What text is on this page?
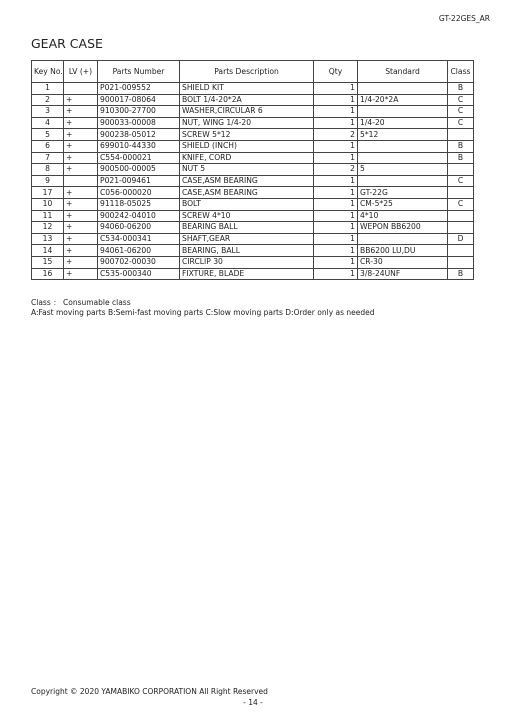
GT-22GES_AR
GEAR CASE
Key No.	LV (+)	Parts Number	Parts Description	Qty	Standard	Class
1		P021-009552	SHIELD KIT	1		B
2	+	900017-08064	BOLT 1/4-20*2A	1	1/4-20*2A	C
3	+	910300-27700	WASHER,CIRCULAR 6	1		C
4	+	900033-00008	NUT, WING 1/4-20	1	1/4-20	C
5	+	900238-05012	SCREW 5*12	2	5*12	
6	+	699010-44330	SHIELD (INCH)	1		B
7	+	C554-000021	KNIFE, CORD	1		B
8	+	900500-00005	NUT 5	2	5	
9		P021-009461	CASE,ASM BEARING	1		C
17	+	C056-000020	CASE,ASM BEARING	1	GT-22G	
10	+	91118-05025	BOLT	1	CM-5*25	C
11	+	900242-04010	SCREW 4*10	1	4*10	
12	+	94060-06200	BEARING BALL	1	WEPON BB6200	
13	+	C534-000341	SHAFT,GEAR	1		D
14	+	94061-06200	BEARING, BALL	1	BB6200 LU,DU	
15	+	900702-00030	CIRCLIP 30	1	CR-30	
16	+	C535-000340	FIXTURE, BLADE	1	3/8-24UNF	B
Class ： Consumable class
A:Fast moving parts B:Semi-fast moving parts C:Slow moving parts D:Order only as needed
Copyright © 2020 YAMABIKO CORPORATION All Right Reserved
- 14 -
